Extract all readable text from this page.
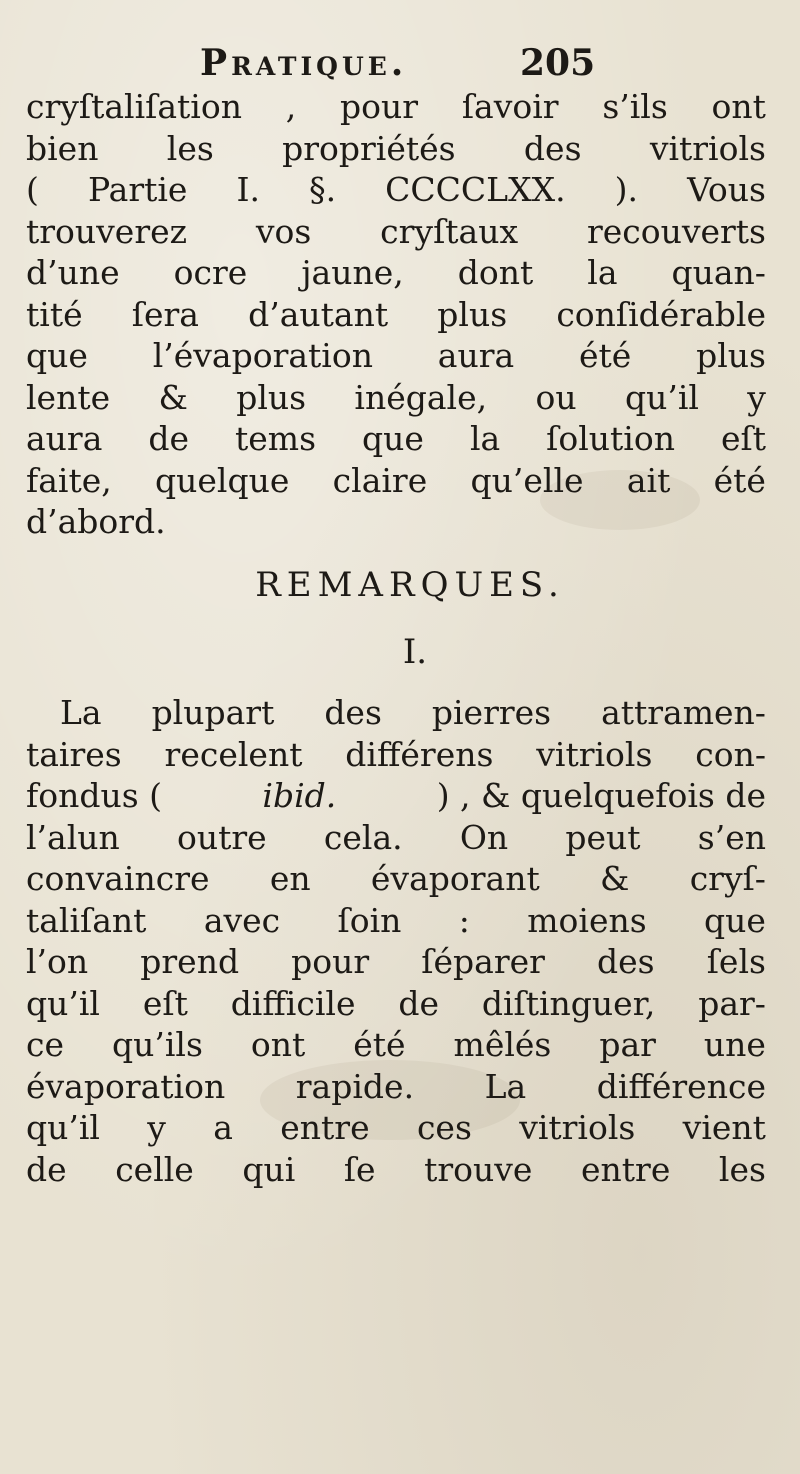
Pratique.	205
cryſtaliſation , pour ſavoir s’ils ont
bien les propriétés des vitriols
( Partie I. §. CCCCLXX. ). Vous
trouverez vos cryſtaux recouverts
d’une ocre jaune, dont la quan-
tité ſera d’autant plus conſidérable
que l’évaporation aura été plus
lente & plus inégale, ou qu’il y
aura de tems que la ſolution eſt
faite, quelque claire qu’elle ait été
d’abord.
REMARQUES.
I.
La plupart des pierres attramen-
taires recelent différens vitriols con-
fondus (	ibid.	) , & quelquefois de
l’alun outre cela. On peut s’en
convaincre en évaporant & cryſ-
taliſant avec ſoin : moiens que
l’on prend pour ſéparer des ſels
qu’il eſt difficile de diſtinguer, par-
ce qu’ils ont été mêlés par une
évaporation rapide. La différence
qu’il y a entre ces vitriols vient
de celle qui ſe trouve entre les
